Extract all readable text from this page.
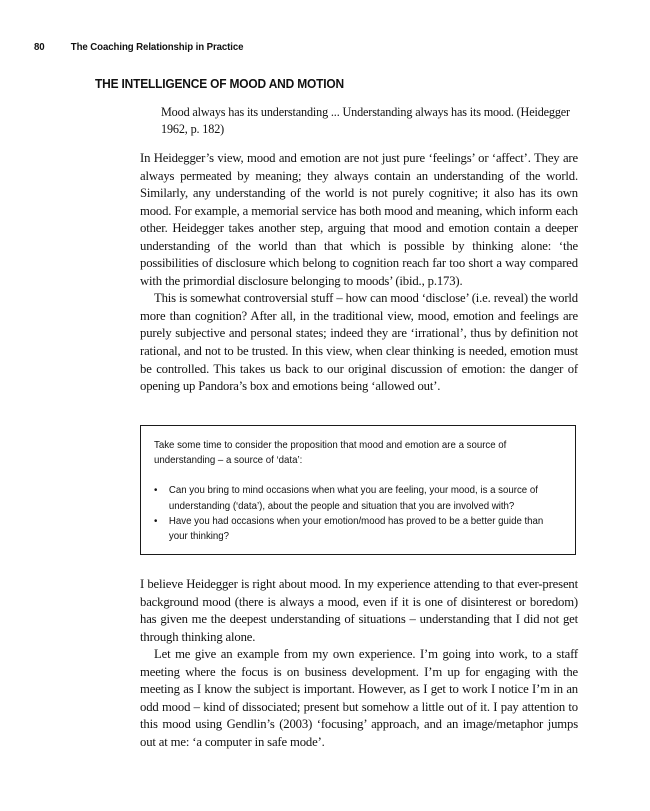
80 The Coaching Relationship in Practice
THE INTELLIGENCE OF MOOD AND MOTION

Mood always has its understanding ... Understanding always has its mood. (Heidegger 1962, p. 182)

In Heidegger’s view, mood and emotion are not just pure ‘feelings’ or ‘affect’. They are always permeated by meaning; they always contain an understanding of the world. Similarly, any understanding of the world is not purely cognitive; it also has its own mood. For example, a memorial service has both mood and meaning, which inform each other. Heidegger takes another step, arguing that mood and emotion contain a deeper understanding of the world than that which is possible by thinking alone: ‘the possibilities of disclosure which belong to cognition reach far too short a way compared with the primordial disclosure belonging to moods’ (ibid., p.173).

This is somewhat controversial stuff – how can mood ‘disclose’ (i.e. reveal) the world more than cognition? After all, in the traditional view, mood, emotion and feelings are purely subjective and personal states; indeed they are ‘irrational’, thus by definition not rational, and not to be trusted. In this view, when clear thinking is needed, emotion must be controlled. This takes us back to our original discussion of emotion: the danger of opening up Pandora’s box and emotions being ‘allowed out’.

Take some time to consider the proposition that mood and emotion are a source of understanding – a source of ‘data’:

• Can you bring to mind occasions when what you are feeling, your mood, is a source of understanding (‘data’), about the people and situation that you are involved with?
• Have you had occasions when your emotion/mood has proved to be a better guide than your thinking?

I believe Heidegger is right about mood. In my experience attending to that ever-present background mood (there is always a mood, even if it is one of disinterest or boredom) has given me the deepest understanding of situations – understanding that I did not get through thinking alone.

Let me give an example from my own experience. I’m going into work, to a staff meeting where the focus is on business development. I’m up for engaging with the meeting as I know the subject is important. However, as I get to work I notice I’m in an odd mood – kind of dissociated; present but somehow a little out of it. I pay attention to this mood using Gendlin’s (2003) ‘focusing’ approach, and an image/metaphor jumps out at me: ‘a computer in safe mode’.
